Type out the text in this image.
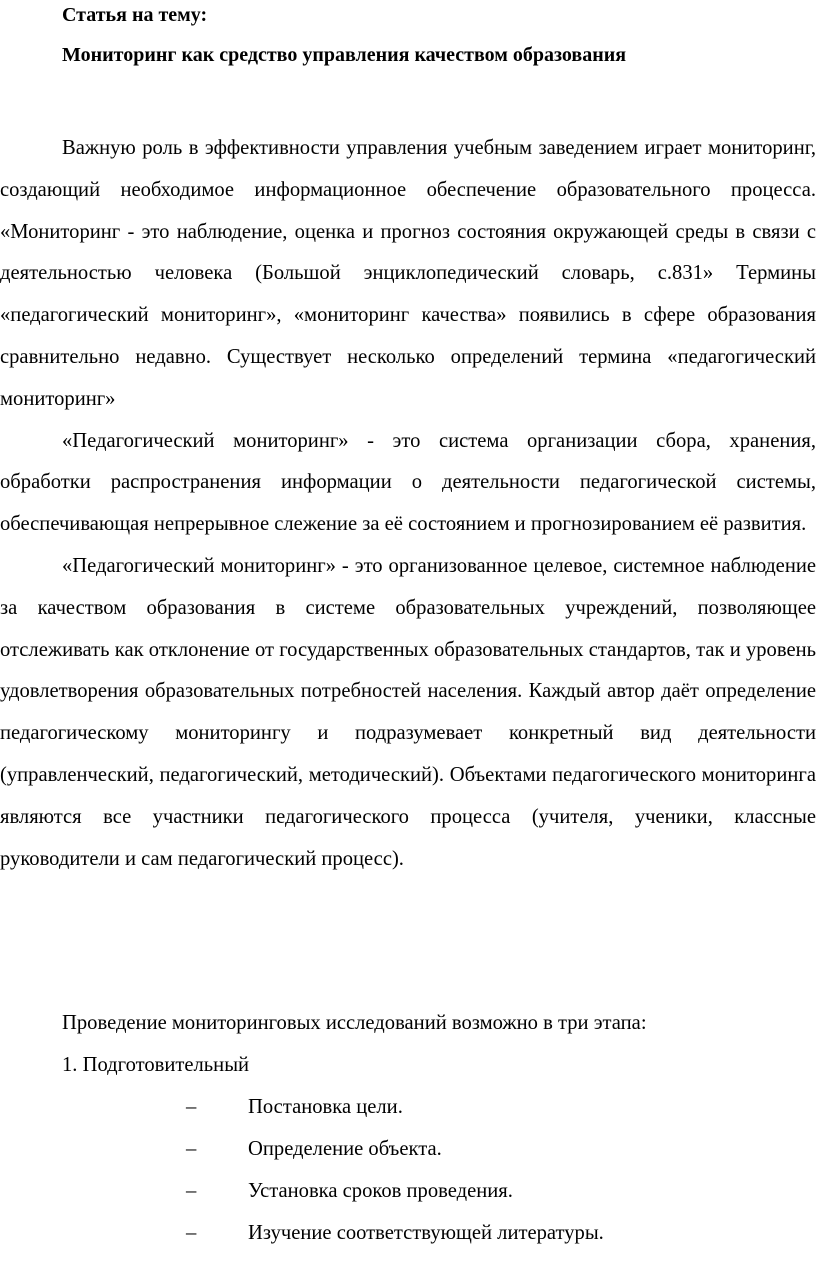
Статья на тему:
Мониторинг как средство управления качеством образования

Важную роль в эффективности управления учебным заведением играет мониторинг, создающий необходимое информационное обеспечение образовательного процесса. «Мониторинг - это наблюдение, оценка и прогноз состояния окружающей среды в связи с деятельностью человека (Большой энциклопедический словарь, с.831» Термины «педагогический мониторинг», «мониторинг качества» появились в сфере образования сравнительно недавно. Существует несколько определений термина «педагогический мониторинг»

«Педагогический мониторинг» - это система организации сбора, хранения, обработки распространения информации о деятельности педагогической системы, обеспечивающая непрерывное слежение за её состоянием и прогнозированием её развития.

«Педагогический мониторинг» - это организованное целевое, системное наблюдение за качеством образования в системе образовательных учреждений, позволяющее отслеживать как отклонение от государственных образовательных стандартов, так и уровень удовлетворения образовательных потребностей населения. Каждый автор даёт определение педагогическому мониторингу и подразумевает конкретный вид деятельности (управленческий, педагогический, методический). Объектами педагогического мониторинга являются все участники педагогического процесса (учителя, ученики, классные руководители и сам педагогический процесс).

Проведение мониторинговых исследований возможно в три этапа:
1. Подготовительный
–	Постановка цели.
–	Определение объекта.
–	Установка сроков проведения.
–	Изучение соответствующей литературы.
